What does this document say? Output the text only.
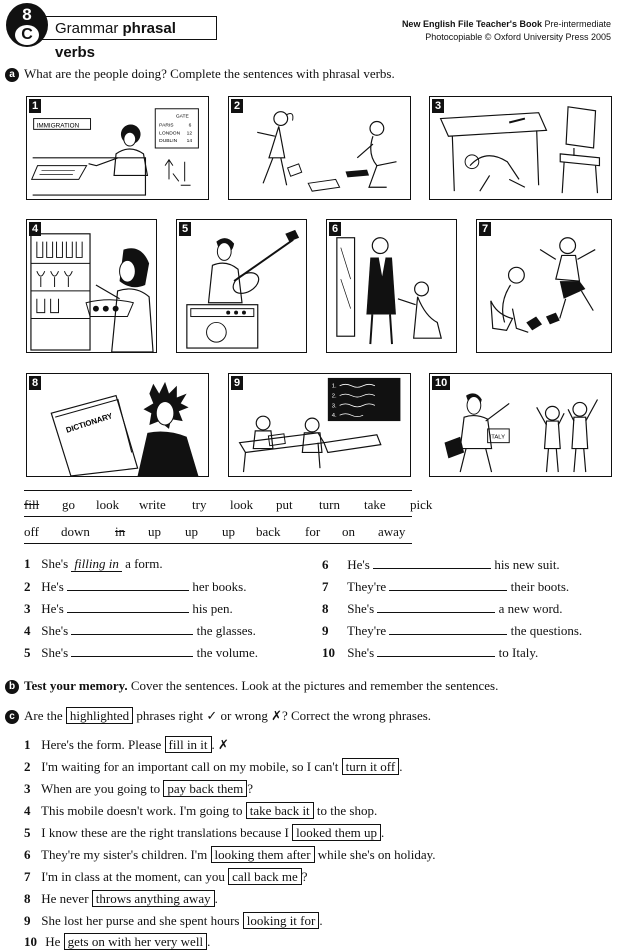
8
C	Grammar phrasal verbs
New English File Teacher's Book Pre-intermediate
Photocopiable © Oxford University Press 2005
a What are the people doing? Complete the sentences with phrasal verbs.
1
IMMIGRATION
GATE
PARIS	6
LONDON 12
DUBLIN 14
2	3
4	5	6	7
8
DICTIONARY
9	1.
2.
3.
4.
10
ITALY
fill go look write try look put turn take pick
off down in up up up back for on away
1 She's filling in a form.
2 He's	her books.
3 He's	his pen.
4 She's	the glasses.
5 She's	the volume.
6 He's	his new suit.
7 They're	their boots.
8 She's	a new word.
9 They're	the questions.
10 She's	to Italy.
b Test your memory. Cover the sentences. Look at the pictures and remember the sentences.
c Are the highlighted phrases right ✓ or wrong ✗? Correct the wrong phrases.
1 Here's the form. Please fill in it . ✗
2 I'm waiting for an important call on my mobile, so I can't turn it off .
3 When are you going to pay back them ?
4 This mobile doesn't work. I'm going to take back it to the shop.
5 I know these are the right translations because I looked them up .
6 They're my sister's children. I'm looking them after while she's on holiday.
7 I'm in class at the moment, can you call back me ?
8 He never throws anything away .
9 She lost her purse and she spent hours looking it for .
10 He gets on with her very well .
